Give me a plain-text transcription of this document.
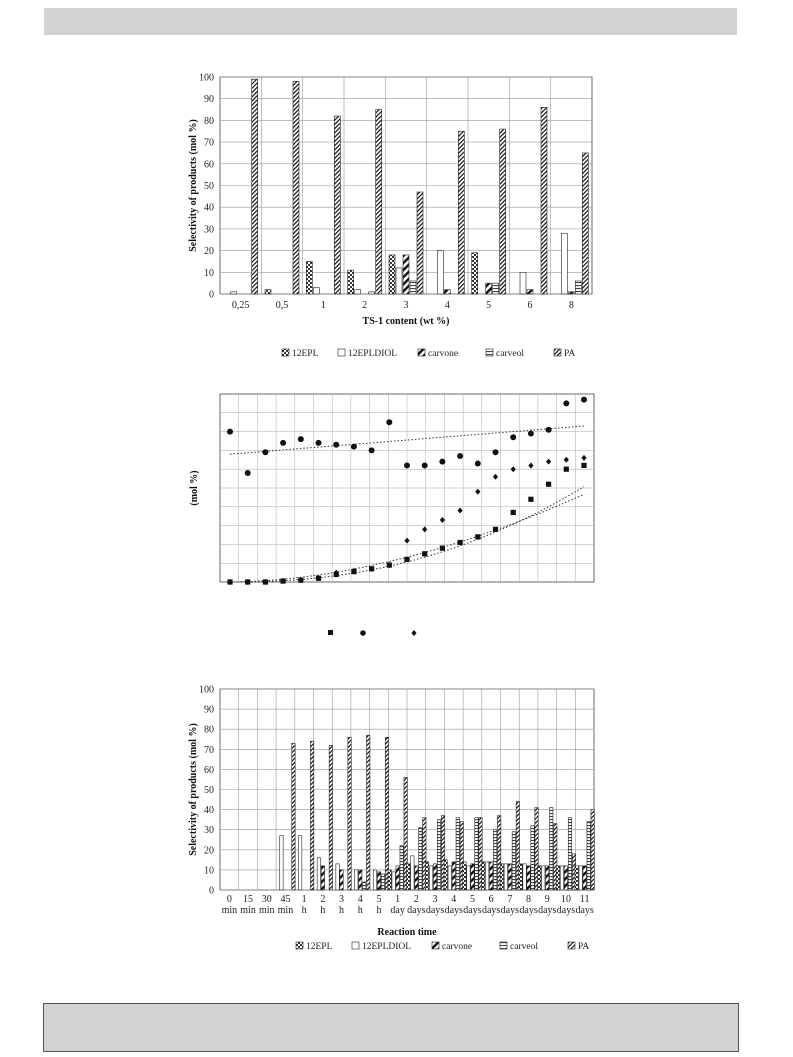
0
10
20
30
40
50
60
70
80
90
100
0,25	0,5	1	2	3	4	5	6	8
Selectivity of products (mol %)
TS-1 content (wt %)
12EPL	12EPLDIOL	carvone	carveol	PA
(mol %)
0
10
20
30
40
50
60
70
80
90
100
0
min
15
min
30
min
45
min
1
h
2
h
3
h
4
h
5
h
1
day
2
days
3
days
4
days
5
days
6
days
7
days
8
days
9
days
10
days
11
days
Selectivity of products (mol %)
Reaction time
12EPL	12EPLDIOL	carvone	carveol	PA
